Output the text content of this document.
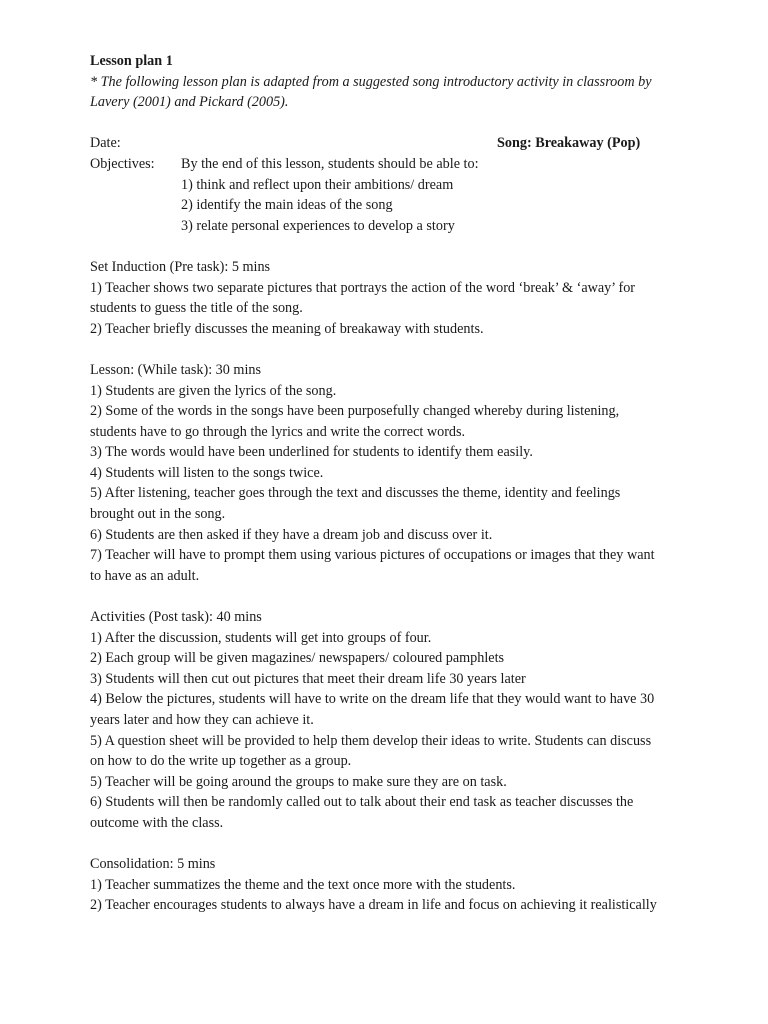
Lesson plan 1
* The following lesson plan is adapted from a suggested song introductory activity in classroom by
Lavery (2001) and Pickard (2005).
Date:	Song: Breakaway (Pop)
Objectives: By the end of this lesson, students should be able to:
1) think and reflect upon their ambitions/ dream
2) identify the main ideas of the song
3) relate personal experiences to develop a story
Set Induction (Pre task): 5 mins
1) Teacher shows two separate pictures that portrays the action of the word ‘break’ & ‘away’ for
students to guess the title of the song.
2) Teacher briefly discusses the meaning of breakaway with students.
Lesson: (While task): 30 mins
1) Students are given the lyrics of the song.
2) Some of the words in the songs have been purposefully changed whereby during listening,
students have to go through the lyrics and write the correct words.
3) The words would have been underlined for students to identify them easily.
4) Students will listen to the songs twice.
5) After listening, teacher goes through the text and discusses the theme, identity and feelings
brought out in the song.
6) Students are then asked if they have a dream job and discuss over it.
7) Teacher will have to prompt them using various pictures of occupations or images that they want
to have as an adult.
Activities (Post task): 40 mins
1) After the discussion, students will get into groups of four.
2) Each group will be given magazines/ newspapers/ coloured pamphlets
3) Students will then cut out pictures that meet their dream life 30 years later
4) Below the pictures, students will have to write on the dream life that they would want to have 30
years later and how they can achieve it.
5) A question sheet will be provided to help them develop their ideas to write. Students can discuss
on how to do the write up together as a group.
5) Teacher will be going around the groups to make sure they are on task.
6) Students will then be randomly called out to talk about their end task as teacher discusses the
outcome with the class.
Consolidation: 5 mins
1) Teacher summatizes the theme and the text once more with the students.
2) Teacher encourages students to always have a dream in life and focus on achieving it realistically
